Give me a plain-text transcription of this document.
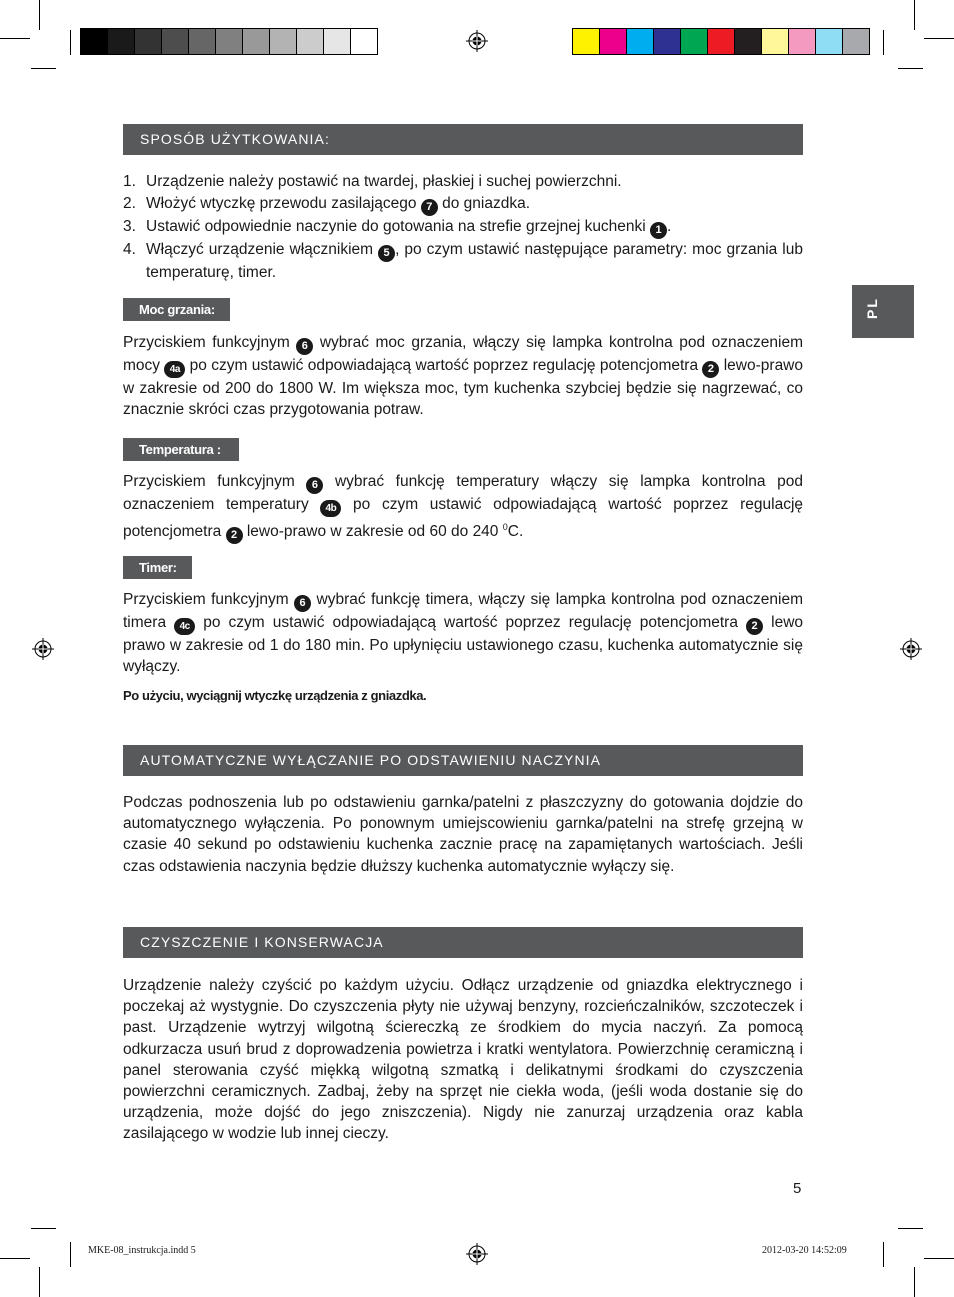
PL
SPOSÓB UŻYTKOWANIA:
1. Urządzenie należy postawić na twardej, płaskiej i suchej powierzchni.
2. Włożyć wtyczkę przewodu zasilającego 7 do gniazdka.
3. Ustawić odpowiednie naczynie do gotowania na strefie grzejnej kuchenki 1 .
4. Włączyć urządzenie włącznikiem 5 , po czym ustawić następujące parametry: moc grzania lub temperaturę, timer.
Moc grzania:
Przyciskiem funkcyjnym 6 wybrać moc grzania, włączy się lampka kontrolna pod oznaczeniem mocy 4a po czym ustawić odpowiadającą wartość poprzez regulację potencjometra 2 lewo-prawo w zakresie od 200 do 1800 W. Im większa moc, tym kuchenka szybciej będzie się nagrzewać, co znacznie skróci czas przygotowania potraw.
Temperatura :
Przyciskiem funkcyjnym 6 wybrać funkcję temperatury włączy się lampka kontrolna pod oznaczeniem temperatury 4b po czym ustawić odpowiadającą wartość poprzez regulację potencjometra 2 lewo-prawo w zakresie od 60 do 240 $^0$C.
Timer:
Przyciskiem funkcyjnym 6 wybrać funkcję timera, włączy się lampka kontrolna pod oznaczeniem timera 4c po czym ustawić odpowiadającą wartość poprzez regulację potencjometra 2 lewo prawo w zakresie od 1 do 180 min. Po upłynięciu ustawionego czasu, kuchenka automatycznie się wyłączy.
Po użyciu, wyciągnij wtyczkę urządzenia z gniazdka.
AUTOMATYCZNE WYŁĄCZANIE PO ODSTAWIENIU NACZYNIA
Podczas podnoszenia lub po odstawieniu garnka/patelni z płaszczyzny do gotowania dojdzie do automatycznego wyłączenia. Po ponownym umiejscowieniu garnka/patelni na strefę grzejną w czasie 40 sekund po odstawieniu kuchenka zacznie pracę na zapamiętanych wartościach. Jeśli czas odstawienia naczynia będzie dłuższy kuchenka automatycznie wyłączy się.
CZYSZCZENIE I KONSERWACJA
Urządzenie należy czyścić po każdym użyciu. Odłącz urządzenie od gniazdka elektrycznego i poczekaj aż wystygnie. Do czyszczenia płyty nie używaj benzyny, rozcieńczalników, szczoteczek i past. Urządzenie wytrzyj wilgotną ściereczką ze środkiem do mycia naczyń. Za pomocą odkurzacza usuń brud z doprowadzenia powietrza i kratki wentylatora. Powierzchnię ceramiczną i panel sterowania czyść miękką wilgotną szmatką i delikatnymi środkami do czyszczenia powierzchni ceramicznych. Zadbaj, żeby na sprzęt nie ciekła woda, (jeśli woda dostanie się do urządzenia, może dojść do jego zniszczenia). Nigdy nie zanurzaj urządzenia oraz kabla zasilającego w wodzie lub innej cieczy.
5
MKE-08_instrukcja.indd 5	2012-03-20 14:52:09
